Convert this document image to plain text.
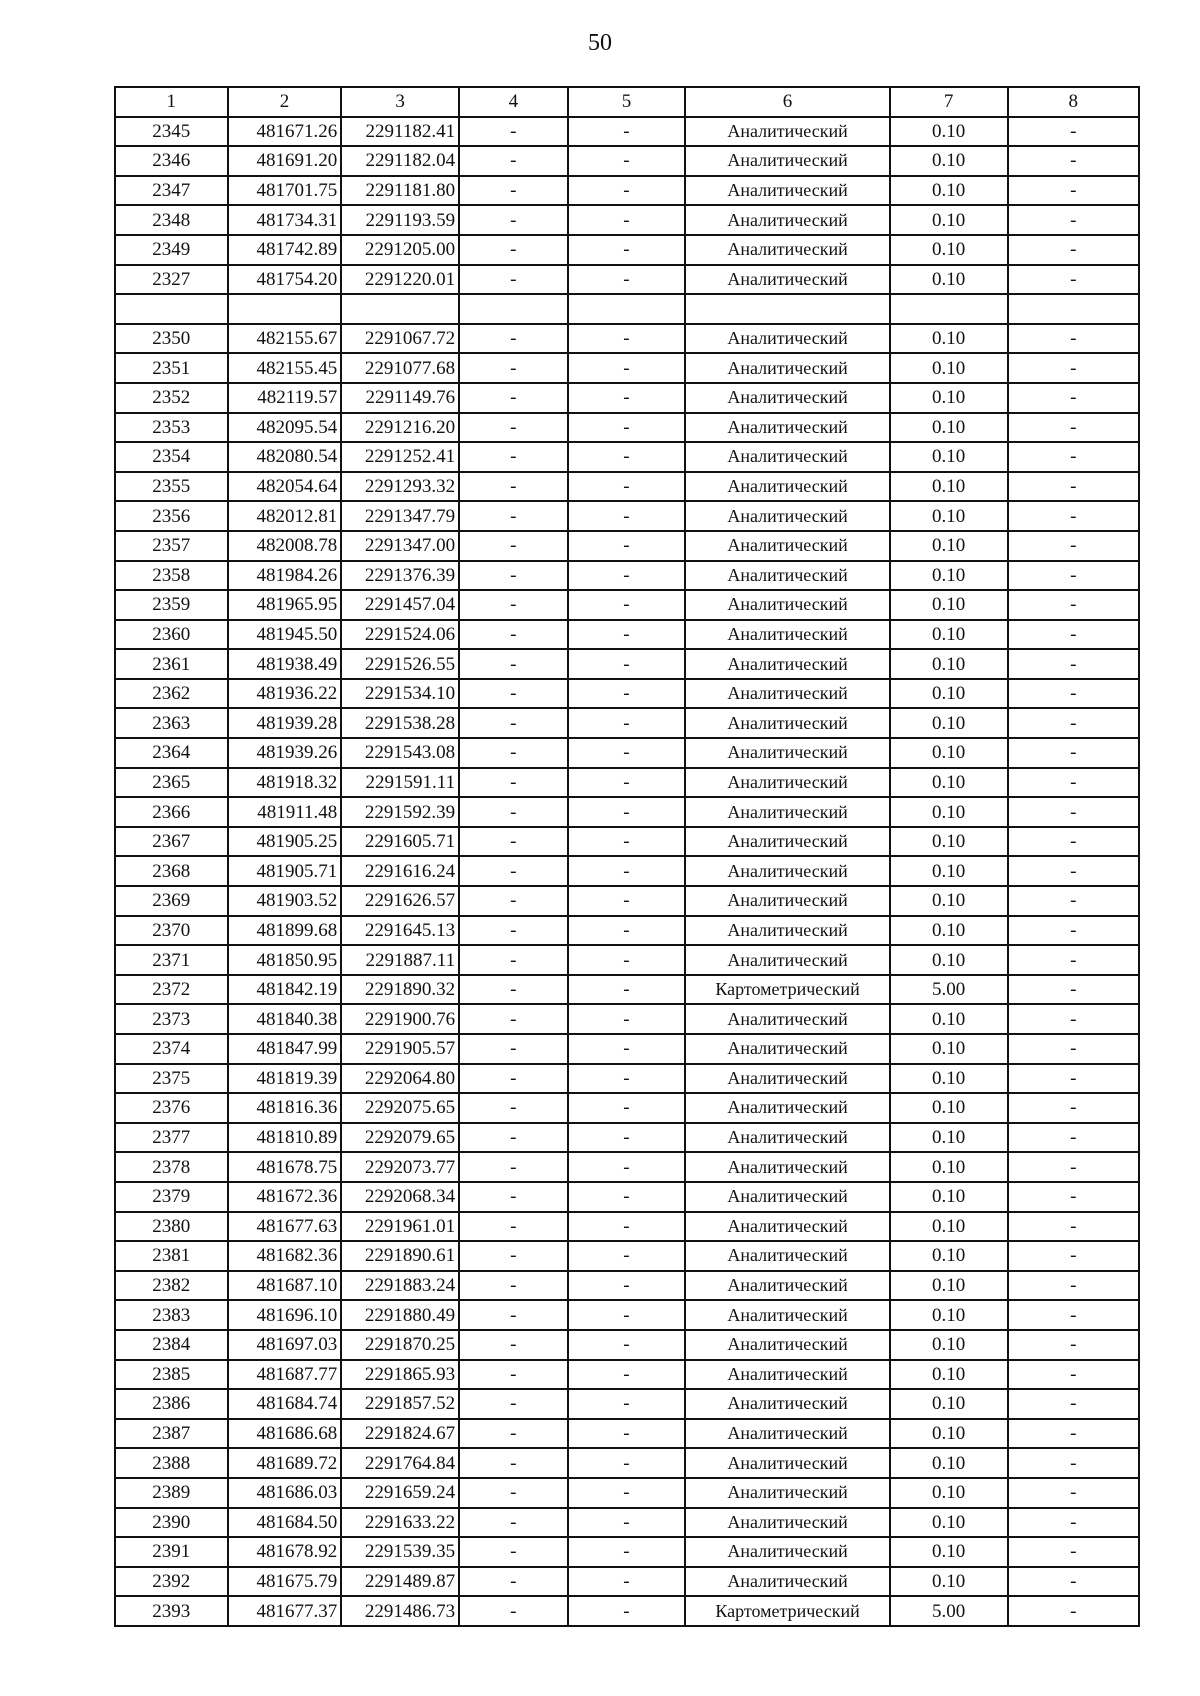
50
1	2	3	4	5	6	7	8
2345	481671.26	2291182.41	-	-	Аналитический	0.10	-
2346	481691.20	2291182.04	-	-	Аналитический	0.10	-
2347	481701.75	2291181.80	-	-	Аналитический	0.10	-
2348	481734.31	2291193.59	-	-	Аналитический	0.10	-
2349	481742.89	2291205.00	-	-	Аналитический	0.10	-
2327	481754.20	2291220.01	-	-	Аналитический	0.10	-

2350	482155.67	2291067.72	-	-	Аналитический	0.10	-
2351	482155.45	2291077.68	-	-	Аналитический	0.10	-
2352	482119.57	2291149.76	-	-	Аналитический	0.10	-
2353	482095.54	2291216.20	-	-	Аналитический	0.10	-
2354	482080.54	2291252.41	-	-	Аналитический	0.10	-
2355	482054.64	2291293.32	-	-	Аналитический	0.10	-
2356	482012.81	2291347.79	-	-	Аналитический	0.10	-
2357	482008.78	2291347.00	-	-	Аналитический	0.10	-
2358	481984.26	2291376.39	-	-	Аналитический	0.10	-
2359	481965.95	2291457.04	-	-	Аналитический	0.10	-
2360	481945.50	2291524.06	-	-	Аналитический	0.10	-
2361	481938.49	2291526.55	-	-	Аналитический	0.10	-
2362	481936.22	2291534.10	-	-	Аналитический	0.10	-
2363	481939.28	2291538.28	-	-	Аналитический	0.10	-
2364	481939.26	2291543.08	-	-	Аналитический	0.10	-
2365	481918.32	2291591.11	-	-	Аналитический	0.10	-
2366	481911.48	2291592.39	-	-	Аналитический	0.10	-
2367	481905.25	2291605.71	-	-	Аналитический	0.10	-
2368	481905.71	2291616.24	-	-	Аналитический	0.10	-
2369	481903.52	2291626.57	-	-	Аналитический	0.10	-
2370	481899.68	2291645.13	-	-	Аналитический	0.10	-
2371	481850.95	2291887.11	-	-	Аналитический	0.10	-
2372	481842.19	2291890.32	-	-	Картометрический	5.00	-
2373	481840.38	2291900.76	-	-	Аналитический	0.10	-
2374	481847.99	2291905.57	-	-	Аналитический	0.10	-
2375	481819.39	2292064.80	-	-	Аналитический	0.10	-
2376	481816.36	2292075.65	-	-	Аналитический	0.10	-
2377	481810.89	2292079.65	-	-	Аналитический	0.10	-
2378	481678.75	2292073.77	-	-	Аналитический	0.10	-
2379	481672.36	2292068.34	-	-	Аналитический	0.10	-
2380	481677.63	2291961.01	-	-	Аналитический	0.10	-
2381	481682.36	2291890.61	-	-	Аналитический	0.10	-
2382	481687.10	2291883.24	-	-	Аналитический	0.10	-
2383	481696.10	2291880.49	-	-	Аналитический	0.10	-
2384	481697.03	2291870.25	-	-	Аналитический	0.10	-
2385	481687.77	2291865.93	-	-	Аналитический	0.10	-
2386	481684.74	2291857.52	-	-	Аналитический	0.10	-
2387	481686.68	2291824.67	-	-	Аналитический	0.10	-
2388	481689.72	2291764.84	-	-	Аналитический	0.10	-
2389	481686.03	2291659.24	-	-	Аналитический	0.10	-
2390	481684.50	2291633.22	-	-	Аналитический	0.10	-
2391	481678.92	2291539.35	-	-	Аналитический	0.10	-
2392	481675.79	2291489.87	-	-	Аналитический	0.10	-
2393	481677.37	2291486.73	-	-	Картометрический	5.00	-
